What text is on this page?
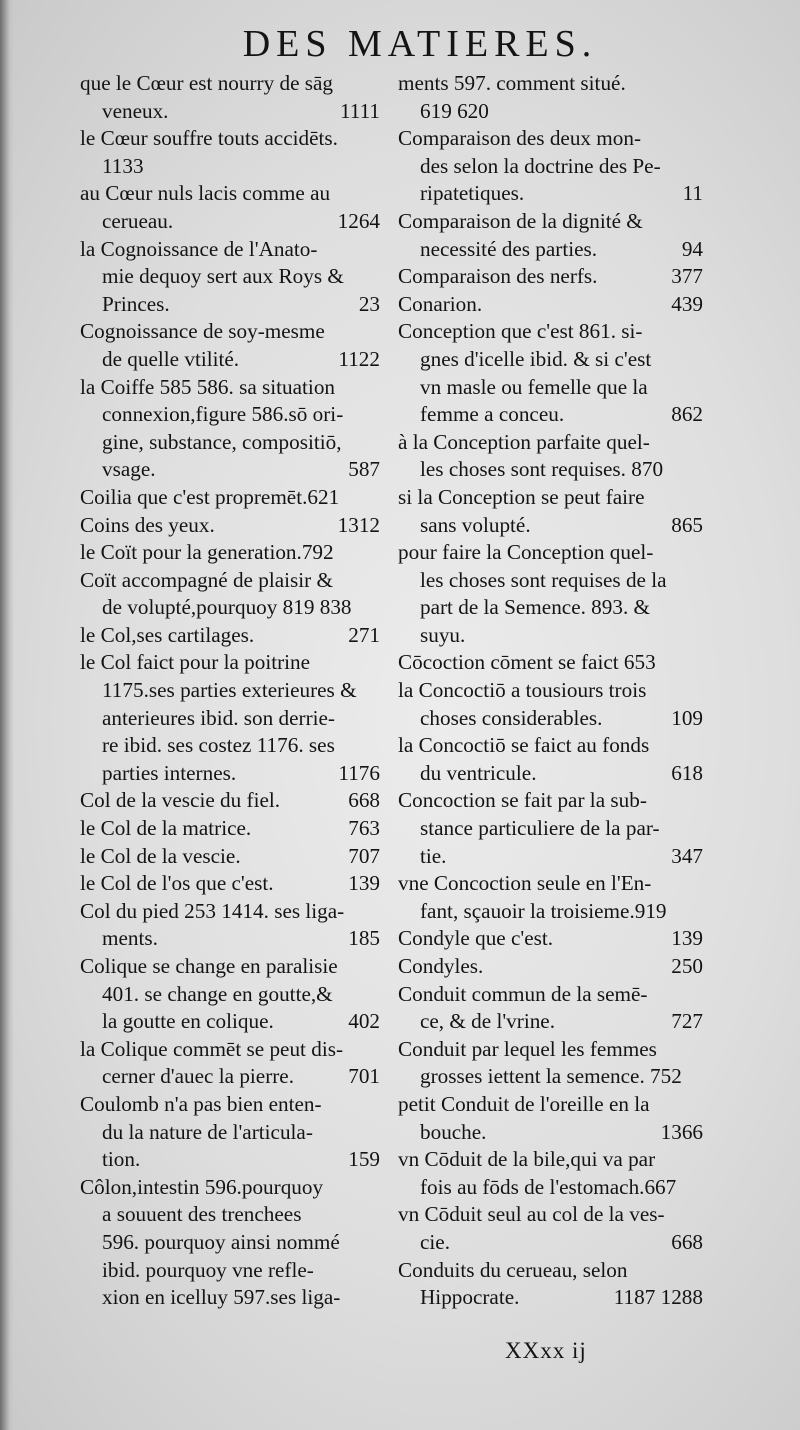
DES MATIERES.
que le Cœur est nourry de sāg
veneux.	1111
le Cœur souffre touts accidēts.
1133
au Cœur nuls lacis comme au
cerueau.	1264
la Cognoissance de l'Anato-
mie dequoy sert aux Roys &
Princes.	23
Cognoissance de soy-mesme
de quelle vtilité.	1122
la Coiffe 585 586. sa situation
connexion,figure 586.sō ori-
gine, substance, compositiō,
vsage.	587
Coilia que c'est propremēt.621
Coins des yeux.	1312
le Coït pour la generation.792
Coït accompagné de plaisir &
de volupté,pourquoy 819 838
le Col,ses cartilages.	271
le Col faict pour la poitrine
1175.ses parties exterieures &
anterieures ibid. son derrie-
re ibid. ses costez 1176. ses
parties internes.	1176
Col de la vescie du fiel.	668
le Col de la matrice.	763
le Col de la vescie.	707
le Col de l'os que c'est.	139
Col du pied 253 1414. ses liga-
ments.	185
Colique se change en paralisie
401. se change en goutte,&
la goutte en colique.	402
la Colique commēt se peut dis-
cerner d'auec la pierre.	701
Coulomb n'a pas bien enten-
du la nature de l'articula-
tion.	159
Côlon,intestin 596.pourquoy
a souuent des trenchees
596. pourquoy ainsi nommé
ibid. pourquoy vne refle-
xion en icelluy 597.ses liga-
ments 597. comment situé.
619 620
Comparaison des deux mon-
des selon la doctrine des Pe-
ripatetiques.	11
Comparaison de la dignité &
necessité des parties.	94
Comparaison des nerfs.	377
Conarion.	439
Conception que c'est 861. si-
gnes d'icelle ibid. & si c'est
vn masle ou femelle que la
femme a conceu.	862
à la Conception parfaite quel-
les choses sont requises. 870
si la Conception se peut faire
sans volupté.	865
pour faire la Conception quel-
les choses sont requises de la
part de la Semence. 893. &
suyu.
Cōcoction cōment se faict 653
la Concoctiō a tousiours trois
choses considerables.	109
la Concoctiō se faict au fonds
du ventricule.	618
Concoction se fait par la sub-
stance particuliere de la par-
tie.	347
vne Concoction seule en l'En-
fant, sçauoir la troisieme.919
Condyle que c'est.	139
Condyles.	250
Conduit commun de la semē-
ce, & de l'vrine.	727
Conduit par lequel les femmes
grosses iettent la semence. 752
petit Conduit de l'oreille en la
bouche.	1366
vn Cōduit de la bile,qui va par
fois au fōds de l'estomach.667
vn Cōduit seul au col de la ves-
cie.	668
Conduits du cerueau, selon
Hippocrate.	1187 1288
XXxx ij
